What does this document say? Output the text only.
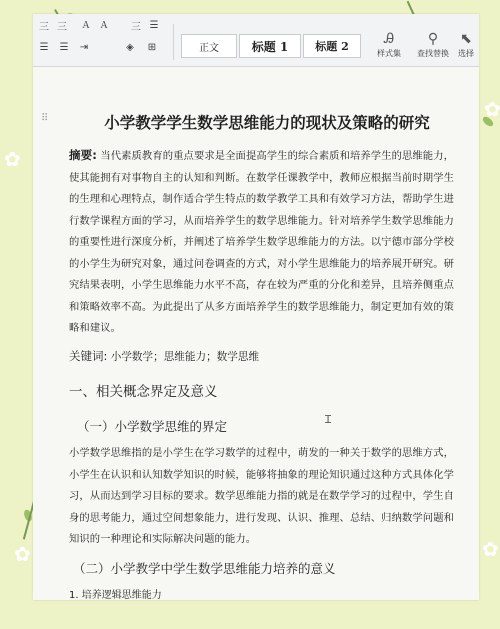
✿
✿
✿
✿
三 三 A A 三 ☰
☰ ☰ ⇥	◈ ⊞	正文	标题 1 标题 2	Ꭿ
样式集
⚲
查找替换
⬉
选择
⠿	小学教学学生数学思维能力的现状及策略的研究
摘要: 当代素质教育的重点要求是全面提高学生的综合素质和培养学生的思维能力，使其能拥有对事物自主的认知和判断。在数学任课教学中，教师应根据当前时期学生的生理和心理特点，制作适合学生特点的数学教学工具和有效学习方法，帮助学生进行数学课程方面的学习，从而培养学生的数学思维能力。针对培养学生数学思维能力的重要性进行深度分析，并阐述了培养学生数学思维能力的方法。以宁德市部分学校的小学生为研究对象，通过问卷调查的方式，对小学生思维能力的培养展开研究。研究结果表明，小学生思维能力水平不高，存在较为严重的分化和差异，且培养侧重点和策略效率不高。为此提出了从多方面培养学生的数学思维能力，制定更加有效的策略和建议。
关键词: 小学数学；思维能力；数学思维
一、相关概念界定及意义
（一）小学数学思维的界定	Ɪ
小学数学思维指的是小学生在学习数学的过程中，萌发的一种关于数学的思维方式，小学生在认识和认知数学知识的时候，能够将抽象的理论知识通过这种方式具体化学习，从而达到学习目标的要求。数学思维能力指的就是在数学学习的过程中，学生自身的思考能力，通过空间想象能力，进行发现、认识、推理、总结、归纳数学问题和知识的一种理论和实际解决问题的能力。
（二）小学教学中学生数学思维能力培养的意义
1. 培养逻辑思维能力
